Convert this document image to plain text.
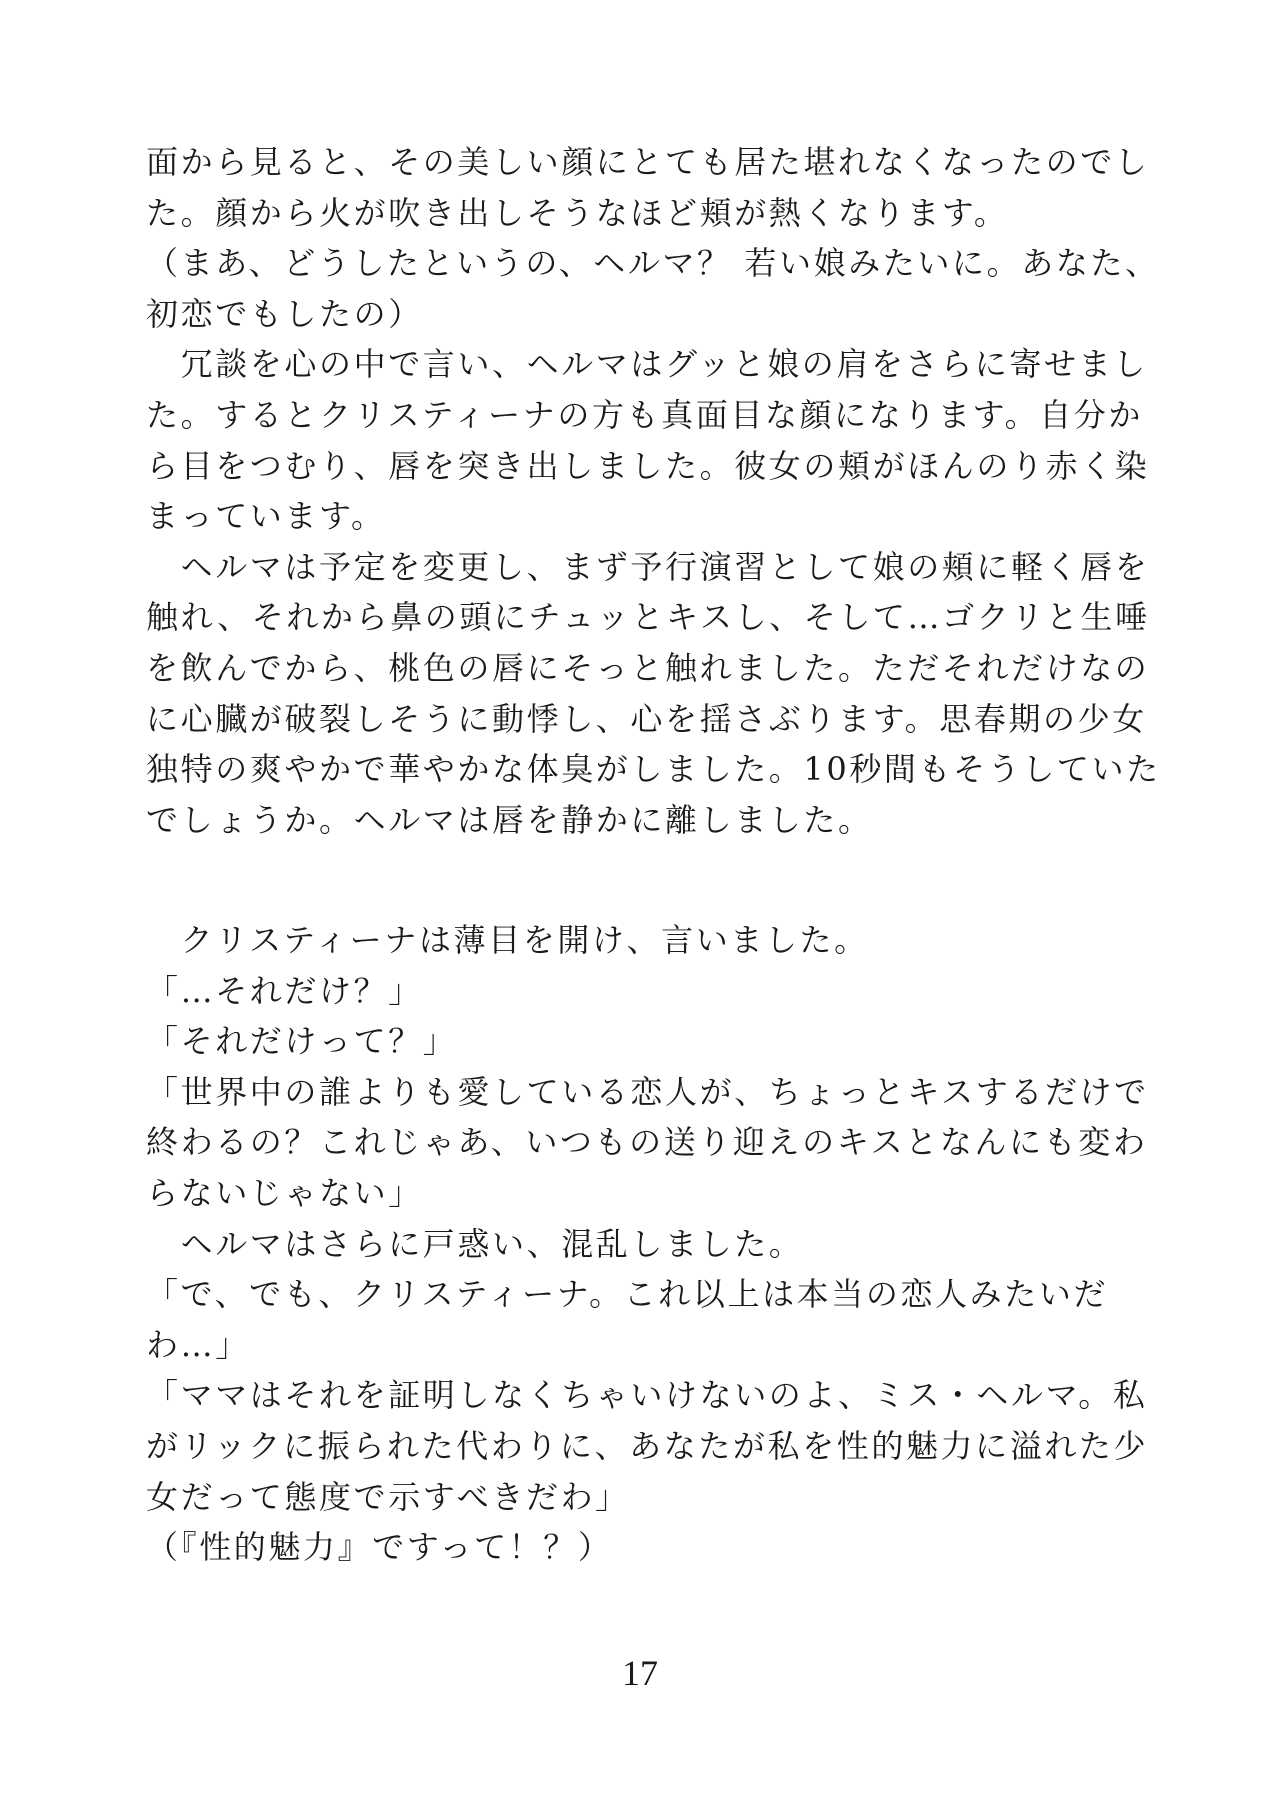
面から見ると、その美しい顔にとても居た堪れなくなったのでし
た。顔から火が吹き出しそうなほど頬が熱くなります。
（まあ、どうしたというの、ヘルマ？ 若い娘みたいに。あなた、
初恋でもしたの）
　冗談を心の中で言い、ヘルマはグッと娘の肩をさらに寄せまし
た。するとクリスティーナの方も真面目な顔になります。自分か
ら目をつむり、唇を突き出しました。彼女の頬がほんのり赤く染
まっています。
　ヘルマは予定を変更し、まず予行演習として娘の頬に軽く唇を
触れ、それから鼻の頭にチュッとキスし、そして…ゴクリと生唾
を飲んでから、桃色の唇にそっと触れました。ただそれだけなの
に心臓が破裂しそうに動悸し、心を揺さぶります。思春期の少女
独特の爽やかで華やかな体臭がしました。10秒間もそうしていた
でしょうか。ヘルマは唇を静かに離しました。
　クリスティーナは薄目を開け、言いました。
「…それだけ？」
「それだけって？」
「世界中の誰よりも愛している恋人が、ちょっとキスするだけで
終わるの？これじゃあ、いつもの送り迎えのキスとなんにも変わ
らないじゃない」
　ヘルマはさらに戸惑い、混乱しました。
「で、でも、クリスティーナ。これ以上は本当の恋人みたいだ
わ…」
「ママはそれを証明しなくちゃいけないのよ、ミス・ヘルマ。私
がリックに振られた代わりに、あなたが私を性的魅力に溢れた少
女だって態度で示すべきだわ」
（『性的魅力』ですって！？）
17
